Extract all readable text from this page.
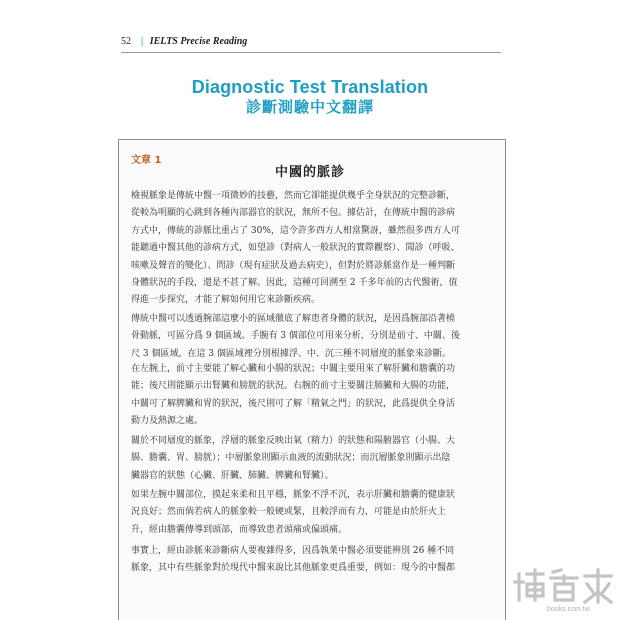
52 | IELTS Precise Reading
Diagnostic Test Translation
診斷測驗中文翻譯
文章 1
中國的脈診
檢視脈象是傳統中醫一項微妙的技藝，然而它卻能提供幾乎全身狀況的完整診斷，
從較為明顯的心跳到各種內部器官的狀況，無所不包。據估計，在傳統中醫的診病
方式中，傳統的診脈比重占了 30%，這令許多西方人相當驚訝，雖然很多西方人可
能聽過中醫其他的診病方式，如望診（對病人一般狀況的實際觀察）、聞診（呼吸、
咳嗽及聲音的變化）、問診（現有症狀及過去病史），但對於將診脈當作是一種判斷
身體狀況的手段，還是不甚了解。因此，這種可回溯至 2 千多年前的古代醫術，值
得進一步探究，才能了解如何用它來診斷疾病。
傳統中醫可以透過腕部這麼小的區域徹底了解患者身體的狀況，是因爲腕部沿著橈
骨動脈，可區分爲 9 個區域。手腕有 3 個部位可用來分析，分別是前寸、中關、後
尺 3 個區域，在這 3 個區域裡分別根據浮、中、沉三種不同層度的脈象來診斷。
在左腕上，前寸主要能了解心臟和小腸的狀況；中關主要用來了解肝臟和膽囊的功
能；後尺則能顯示出腎臟和膀胱的狀況。右腕的前寸主要關注肺臟和大腸的功能，
中關可了解脾臟和胃的狀況，後尺則可了解「精氣之門」的狀況，此爲提供全身活
動力及熱源之處。
關於不同層度的脈象，浮層的脈象反映出氣（精力）的狀態和陽腑器官（小腸、大
腸、膽囊、胃、膀胱）；中層脈象則顯示血液的流動狀況；而沉層脈象則顯示出陰
臟器官的狀態（心臟、肝臟、肺臟、脾臟和腎臟）。
如果左腕中關部位，摸起來柔和且平穩，脈象不浮不沉，表示肝臟和膽囊的健康狀
況良好；然而倘若病人的脈象較一般硬或緊，且較浮而有力，可能是由於肝火上
升，經由膽囊傳導到頭部，而導致患者頭痛或偏頭痛。
事實上，經由診脈來診斷病人要複雜得多，因爲執業中醫必須要能辨別 26 種不同
脈象，其中有些脈象對於現代中醫來說比其他脈象更爲重要，例如：現今的中醫都
books.com.tw
